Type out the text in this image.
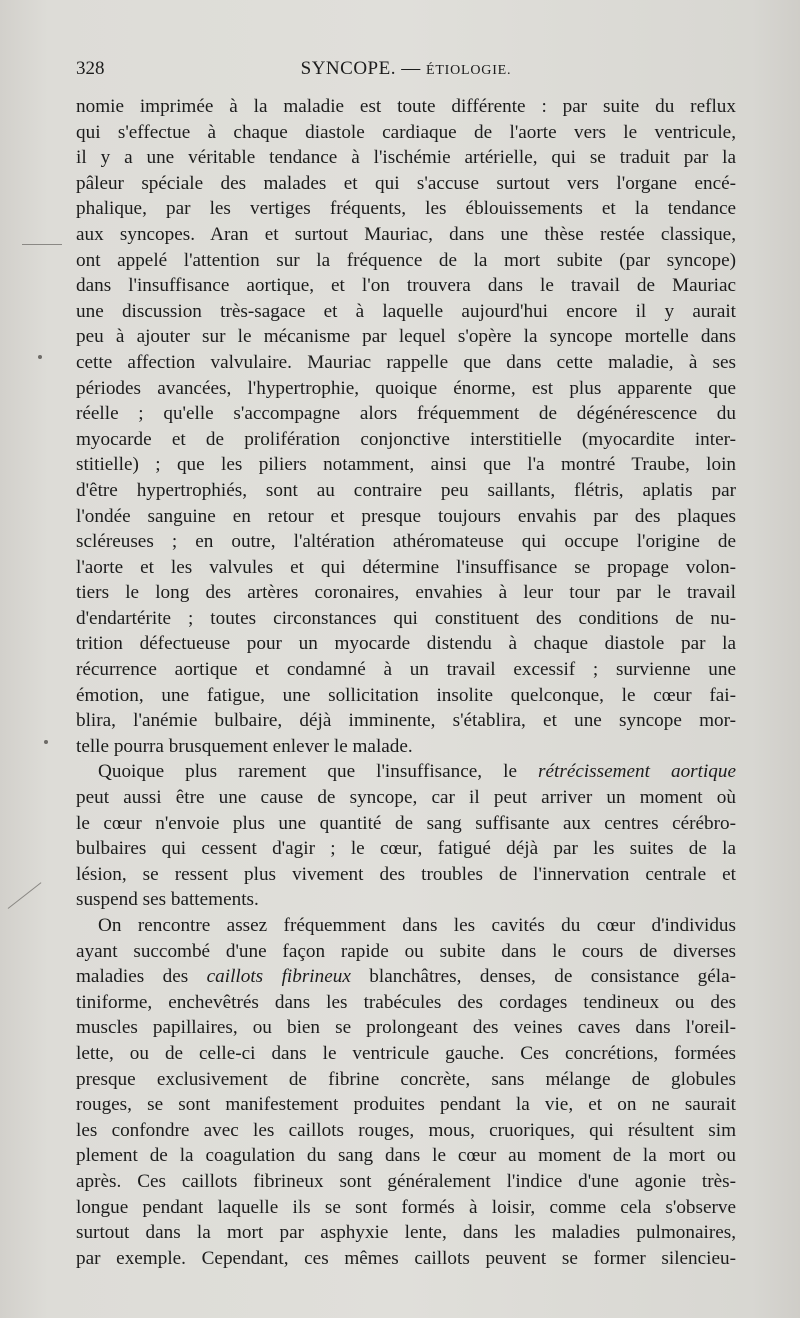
328	SYNCOPE. — ÉTIOLOGIE.
nomie imprimée à la maladie est toute différente : par suite du reflux
qui s'effectue à chaque diastole cardiaque de l'aorte vers le ventricule,
il y a une véritable tendance à l'ischémie artérielle, qui se traduit par la
pâleur spéciale des malades et qui s'accuse surtout vers l'organe encé-
phalique, par les vertiges fréquents, les éblouissements et la tendance
aux syncopes. Aran et surtout Mauriac, dans une thèse restée classique,
ont appelé l'attention sur la fréquence de la mort subite (par syncope)
dans l'insuffisance aortique, et l'on trouvera dans le travail de Mauriac
une discussion très-sagace et à laquelle aujourd'hui encore il y aurait
peu à ajouter sur le mécanisme par lequel s'opère la syncope mortelle dans
cette affection valvulaire. Mauriac rappelle que dans cette maladie, à ses
périodes avancées, l'hypertrophie, quoique énorme, est plus apparente que
réelle ; qu'elle s'accompagne alors fréquemment de dégénérescence du
myocarde et de prolifération conjonctive interstitielle (myocardite inter-
stitielle) ; que les piliers notamment, ainsi que l'a montré Traube, loin
d'être hypertrophiés, sont au contraire peu saillants, flétris, aplatis par
l'ondée sanguine en retour et presque toujours envahis par des plaques
scléreuses ; en outre, l'altération athéromateuse qui occupe l'origine de
l'aorte et les valvules et qui détermine l'insuffisance se propage volon-
tiers le long des artères coronaires, envahies à leur tour par le travail
d'endartérite ; toutes circonstances qui constituent des conditions de nu-
trition défectueuse pour un myocarde distendu à chaque diastole par la
récurrence aortique et condamné à un travail excessif ; survienne une
émotion, une fatigue, une sollicitation insolite quelconque, le cœur fai-
blira, l'anémie bulbaire, déjà imminente, s'établira, et une syncope mor-
telle pourra brusquement enlever le malade.
Quoique plus rarement que l'insuffisance, le rétrécissement aortique
peut aussi être une cause de syncope, car il peut arriver un moment où
le cœur n'envoie plus une quantité de sang suffisante aux centres cérébro-
bulbaires qui cessent d'agir ; le cœur, fatigué déjà par les suites de la
lésion, se ressent plus vivement des troubles de l'innervation centrale et
suspend ses battements.
On rencontre assez fréquemment dans les cavités du cœur d'individus
ayant succombé d'une façon rapide ou subite dans le cours de diverses
maladies des caillots fibrineux blanchâtres, denses, de consistance géla-
tiniforme, enchevêtrés dans les trabécules des cordages tendineux ou des
muscles papillaires, ou bien se prolongeant des veines caves dans l'oreil-
lette, ou de celle-ci dans le ventricule gauche. Ces concrétions, formées
presque exclusivement de fibrine concrète, sans mélange de globules
rouges, se sont manifestement produites pendant la vie, et on ne saurait
les confondre avec les caillots rouges, mous, cruoriques, qui résultent sim
plement de la coagulation du sang dans le cœur au moment de la mort ou
après. Ces caillots fibrineux sont généralement l'indice d'une agonie très-
longue pendant laquelle ils se sont formés à loisir, comme cela s'observe
surtout dans la mort par asphyxie lente, dans les maladies pulmonaires,
par exemple. Cependant, ces mêmes caillots peuvent se former silencieu-
